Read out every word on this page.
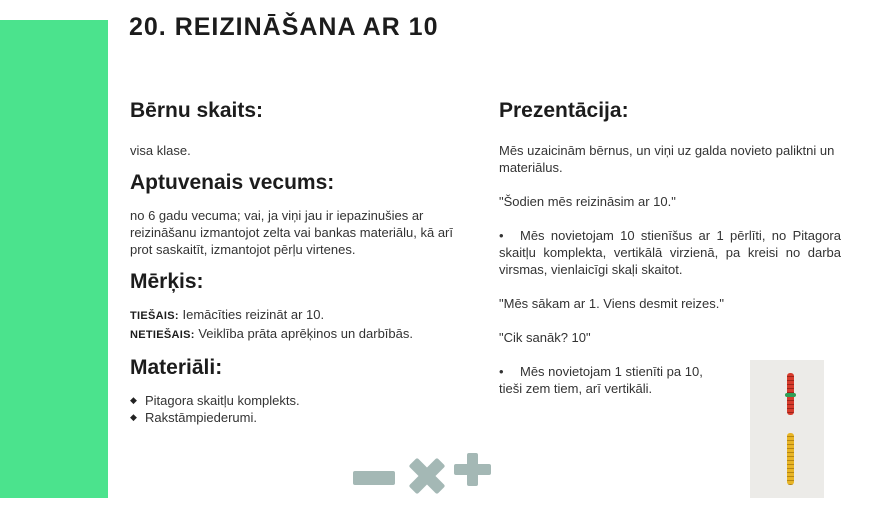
20. REIZINĀŠANA AR 10
Bērnu skaits:

visa klase.

Aptuvenais vecums:

no 6 gadu vecuma; vai, ja viņi jau ir iepazinušies ar reizināšanu izmantojot zelta vai bankas materiālu, kā arī prot saskaitīt, izmantojot pērļu virtenes.

Mērķis:

TIEŠAIS: Iemācīties reizināt ar 10.

NETIEŠAIS: Veiklība prāta aprēķinos un darbībās.

Materiāli:
◆ Pitagora skaitļu komplekts.
◆ Rakstāmpiederumi.
Prezentācija:

Mēs uzaicinām bērnus, un viņi uz galda novieto paliktni un materiālus.

"Šodien mēs reizināsim ar 10."

• Mēs novietojam 10 stienīšus ar 1 pērlīti, no Pitagora skaitļu komplekta, vertikālā virzienā, pa kreisi no darba virsmas, vienlaicīgi skaļi skaitot.

"Mēs sākam ar 1. Viens desmit reizes."

"Cik sanāk? 10"

• Mēs novietojam 1 stienīti pa 10,

tieši zem tiem, arī vertikāli.
